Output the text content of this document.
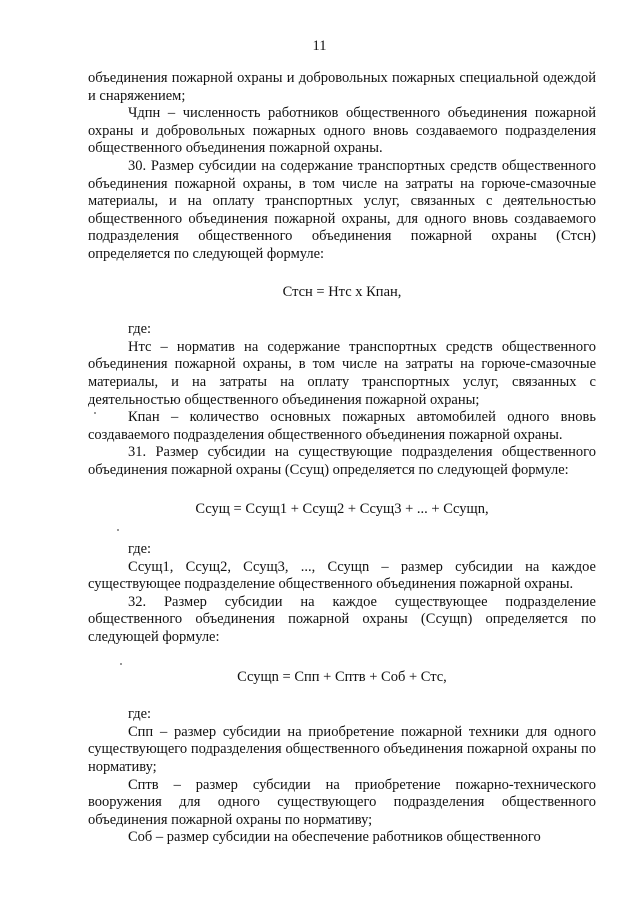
11

объединения пожарной охраны и добровольных пожарных специальной одеждой и снаряжением;

Чдпн – численность работников общественного объединения пожарной охраны и добровольных пожарных одного вновь создаваемого подразделения общественного объединения пожарной охраны.

30. Размер субсидии на содержание транспортных средств общественного объединения пожарной охраны, в том числе на затраты на горюче-смазочные материалы, и на оплату транспортных услуг, связанных с деятельностью общественного объединения пожарной охраны, для одного вновь создаваемого подразделения общественного объединения пожарной охраны (Стсн) определяется по следующей формуле:

Стсн = Нтс х Кпан,

где:

Нтс – норматив на содержание транспортных средств общественного объединения пожарной охраны, в том числе на затраты на горюче-смазочные материалы, и на затраты на оплату транспортных услуг, связанных с деятельностью общественного объединения пожарной охраны;

Кпан – количество основных пожарных автомобилей одного вновь создаваемого подразделения общественного объединения пожарной охраны.

31. Размер субсидии на существующие подразделения общественного объединения пожарной охраны (Ссущ) определяется по следующей формуле:

Ссущ = Ссущ1 + Ссущ2 + Ссущ3 + ... + Ссущn,

где:

Ссущ1, Ссущ2, Ссущ3, ..., Ссущn – размер субсидии на каждое существующее подразделение общественного объединения пожарной охраны.

32. Размер субсидии на каждое существующее подразделение общественного объединения пожарной охраны (Ссущn) определяется по следующей формуле:

Ссущn = Спп + Сптв + Соб + Стс,

где:

Спп – размер субсидии на приобретение пожарной техники для одного существующего подразделения общественного объединения пожарной охраны по нормативу;

Сптв – размер субсидии на приобретение пожарно-технического вооружения для одного существующего подразделения общественного объединения пожарной охраны по нормативу;

Соб – размер субсидии на обеспечение работников общественного
